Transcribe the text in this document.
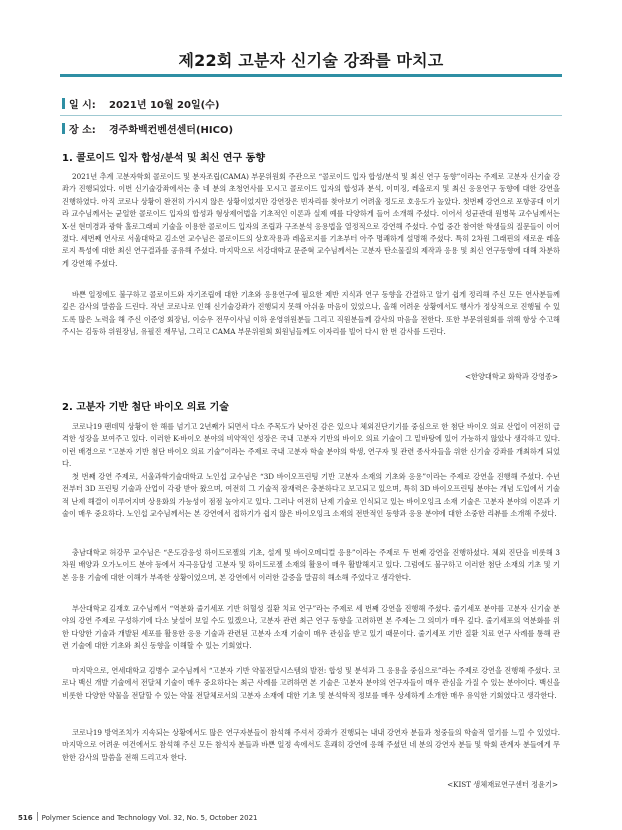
제22회 고분자 신기술 강좌를 마치고
일 시: 2021년 10월 20일(수)
장 소: 경주화백컨벤션센터(HICO)
1. 콜로이드 입자 합성/분석 및 최신 연구 동향

2021년 추계 고분자학회 콜로이드 및 분자조립(CAMA) 부문위원회 주관으로 “콜로이드 입자 합성/분석 및 최신 연구 동향”이라는 주제로 고분자 신기술 강좌가 진행되었다. 이번 신기술강좌에서는 총 네 분의 초청연사를 모시고 콜로이드 입자의 합성과 분석, 이미징, 레올로지 및 최신 응용연구 동향에 대한 강연을 진행하였다. 아직 코로나 상황이 완전히 가시지 않은 상황이었지만 강연장은 빈자리를 찾아보기 어려울 정도로 호응도가 높았다. 첫번째 강연으로 포항공대 이기라 교수님께서는 균일한 콜로이드 입자의 합성과 형상제어법을 기초적인 이론과 실제 예를 다양하게 들어 소개해 주셨다. 이어서 성균관대 원병묵 교수님께서는 X-선 현미경과 광학 홀로그래피 기술을 이용한 콜로이드 입자의 조립과 구조분석 응용법을 열정적으로 강연해 주셨다. 수업 중간 참여한 학생들의 질문들이 이어졌다. 세번째 연사로 서울대학교 김소연 교수님은 콜로이드의 상호작용과 레올로지를 기초부터 아주 명쾌하게 설명해 주셨다. 특히 2차원 그래핀의 새로운 레올로지 특성에 대한 최신 연구결과를 공유해 주셨다. 마지막으로 서강대학교 문준혁 교수님께서는 고분자 탄소물질의 제작과 응용 및 최신 연구동향에 대해 차분하게 강연해 주셨다.

바쁜 일정에도 불구하고 콜로이드와 자기조립에 대한 기초와 응용연구에 필요한 제반 지식과 연구 동향을 간결하고 알기 쉽게 정리해 주신 모든 연사분들께 깊은 감사의 말씀을 드린다. 작년 코로나로 인해 신기술강좌가 진행되지 못해 아쉬움 마음이 있었으나, 올해 어려운 상황에서도 행사가 정상적으로 진행될 수 있도록 많은 노력을 해 주신 이준영 회장님, 이승우 전무이사님 이하 운영위원분들 그리고 직원분들께 감사의 마음을 전한다. 또한 부문위원회를 위해 항상 수고해주시는 김동하 위원장님, 유필진 재무님, 그리고 CAMA 부문위원회 회원님들께도 이자리를 빌어 다시 한 번 감사를 드린다.

<한양대학교 화학과 강영종>
2. 고분자 기반 첨단 바이오 의료 기술

코로나19 팬데믹 상황이 한 해를 넘기고 2년째가 되면서 다소 주목도가 낮아진 감은 있으나 체외진단기기를 중심으로 한 첨단 바이오 의료 산업이 여전히 급격한 성장을 보여주고 있다. 이러한 K-바이오 분야의 비약적인 성장은 국내 고분자 기반의 바이오 의료 기술이 그 밑바탕에 있어 가능하지 않았나 생각하고 있다. 이런 배경으로 “고분자 기반 첨단 바이오 의료 기술”이라는 주제로 국내 고분자 학술 분야의 학생, 연구자 및 관련 종사자들을 위한 신기술 강좌를 개최하게 되었다.

첫 번째 강연 주제로, 서울과학기술대학교 노인섭 교수님은 “3D 바이오프린팅 기반 고분자 소재의 기초와 응용”이라는 주제로 강연을 진행해 주셨다. 수년 전부터 3D 프린팅 기술과 산업이 각광 받아 왔으며, 여전히 그 기술적 잠재력은 충분하다고 보고되고 있으며, 특히 3D 바이오프린팅 분야는 개념 도입에서 기술적 난제 해결이 이루어지며 상용화의 가능성이 점점 높아지고 있다. 그러나 여전히 난제 기술로 인식되고 있는 바이오잉크 소재 기술은 고분자 분야의 이론과 기술이 매우 중요하다. 노인섭 교수님께서는 본 강연에서 접하기가 쉽지 않은 바이오잉크 소재의 전반적인 동향과 응용 분야에 대한 소중한 리뷰를 소개해 주셨다.

충남대학교 허강무 교수님은 “온도감응성 하이드로젤의 기초, 설계 및 바이오메디컬 응용”이라는 주제로 두 번째 강연을 진행하셨다. 체외 진단을 비롯해 3차원 배양과 오가노이드 분야 등에서 자극응답성 고분자 및 하이드로젤 소재의 활용이 매우 활발해지고 있다. 그럼에도 불구하고 이러한 첨단 소재의 기초 및 기본 응용 기술에 대한 이해가 부족한 상황이었으며, 본 강연에서 이러한 갈증을 말끔히 해소해 주었다고 생각한다.

부산대학교 김재호 교수님께서 “역분화 줄기세포 기반 허혈성 질환 치료 연구”라는 주제로 세 번째 강연을 진행해 주셨다. 줄기세포 분야를 고분자 신기술 분야의 강연 주제로 구성하기에 다소 낯설어 보일 수도 있겠으나, 고분자 관련 최근 연구 동향을 고려하면 본 주제는 그 의미가 매우 깊다. 줄기세포의 역분화를 위한 다양한 기술과 개발된 세포를 활용한 응용 기술과 관련된 고분자 소재 기술이 매우 관심을 받고 있기 때문이다. 줄기세포 기반 질환 치료 연구 사례를 통해 관련 기술에 대한 기초와 최신 동향을 이해할 수 있는 기회였다.

마지막으로, 연세대학교 김병수 교수님께서 “고분자 기반 약물전달시스템의 발전: 합성 및 분석과 그 응용을 중심으로”라는 주제로 강연을 진행해 주셨다. 코로나 백신 개발 기술에서 전달체 기술이 매우 중요하다는 최근 사례를 고려하면 본 기술은 고분자 분야의 연구자들이 매우 관심을 가질 수 있는 분야이다. 백신을 비롯한 다양한 약물을 전달할 수 있는 약물 전달체로서의 고분자 소재에 대한 기초 및 분석학적 정보를 매우 상세하게 소개한 매우 유익한 기회였다고 생각한다.

코로나19 방역조치가 지속되는 상황에서도 많은 연구자분들이 참석해 주셔서 강좌가 진행되는 내내 강연자 분들과 청중들의 학술적 열기를 느낄 수 있었다. 마지막으로 어려운 여건에서도 참석해 주신 모든 참석자 분들과 바쁜 일정 속에서도 흔쾌히 강연에 응해 주셨던 네 분의 강연자 분들 및 학회 관계자 분들에게 무한한 감사의 말씀을 전해 드리고자 한다.

<KIST 생체재료연구센터 정윤기>
516 Polymer Science and Technology Vol. 32, No. 5, October 2021
